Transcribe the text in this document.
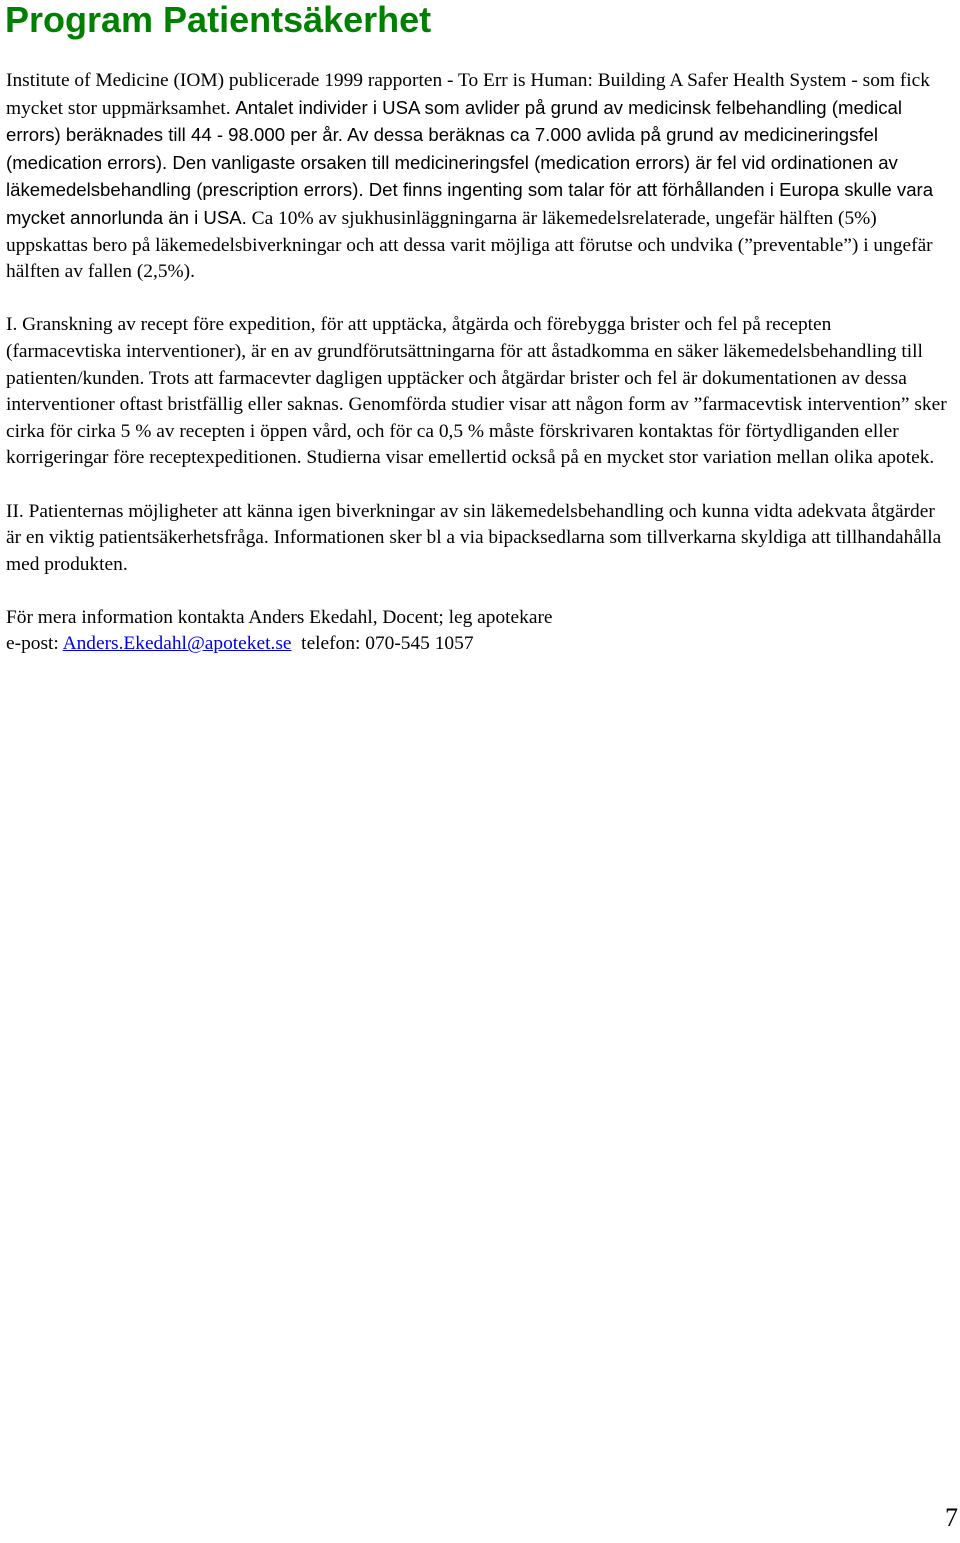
Program Patientsäkerhet

Institute of Medicine (IOM) publicerade 1999 rapporten - To Err is Human: Building A Safer Health System - som fick mycket stor uppmärksamhet. Antalet individer i USA som avlider på grund av medicinsk felbehandling (medical errors) beräknades till 44 - 98.000 per år. Av dessa beräknas ca 7.000 avlida på grund av medicineringsfel (medication errors). Den vanligaste orsaken till medicineringsfel (medication errors) är fel vid ordinationen av läkemedelsbehandling (prescription errors). Det finns ingenting som talar för att förhållanden i Europa skulle vara mycket annorlunda än i USA. Ca 10% av sjukhusinläggningarna är läkemedelsrelaterade, ungefär hälften (5%) uppskattas bero på läkemedelsbiverkningar och att dessa varit möjliga att förutse och undvika (”preventable”) i ungefär hälften av fallen (2,5%).

I. Granskning av recept före expedition, för att upptäcka, åtgärda och förebygga brister och fel på recepten (farmacevtiska interventioner), är en av grundförutsättningarna för att åstadkomma en säker läkemedelsbehandling till patienten/kunden. Trots att farmacevter dagligen upptäcker och åtgärdar brister och fel är dokumentationen av dessa interventioner oftast bristfällig eller saknas. Genomförda studier visar att någon form av ”farmacevtisk intervention” sker cirka för cirka 5 % av recepten i öppen vård, och för ca 0,5 % måste förskrivaren kontaktas för förtydliganden eller korrigeringar före receptexpeditionen. Studierna visar emellertid också på en mycket stor variation mellan olika apotek.

II. Patienternas möjligheter att känna igen biverkningar av sin läkemedelsbehandling och kunna vidta adekvata åtgärder är en viktig patientsäkerhetsfråga. Informationen sker bl a via bipacksedlarna som tillverkarna skyldiga att tillhandahålla med produkten.

För mera information kontakta Anders Ekedahl, Docent; leg apotekare

e-post: Anders.Ekedahl@apoteket.se  telefon: 070-545 1057

7
